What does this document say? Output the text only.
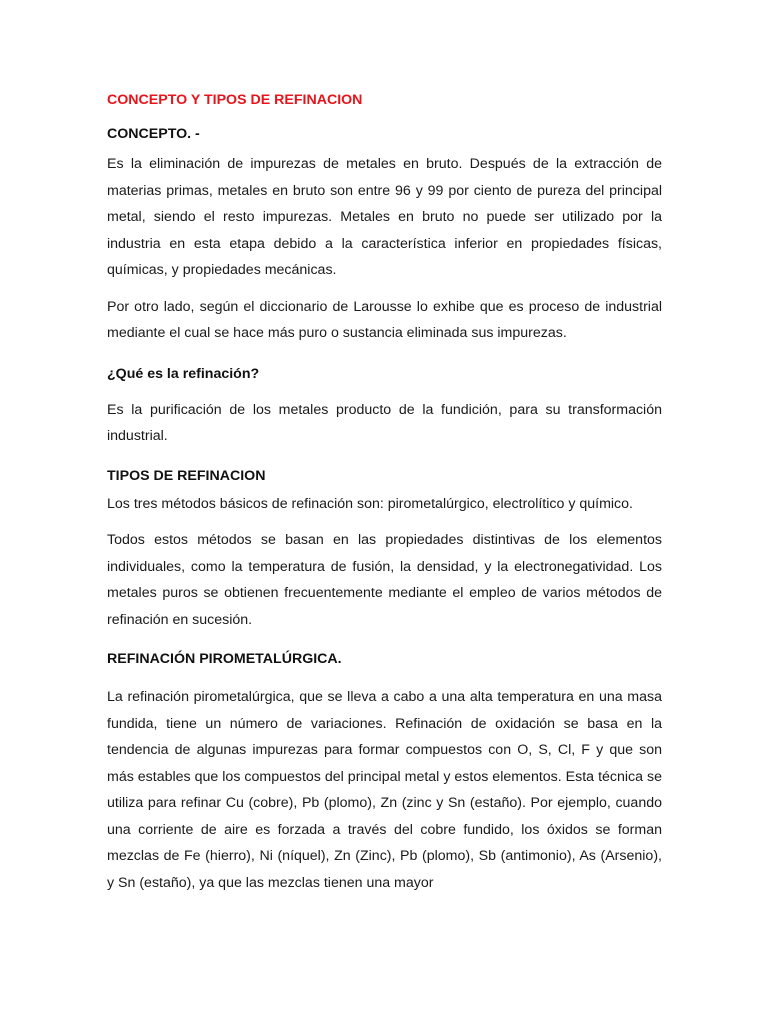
CONCEPTO Y TIPOS DE REFINACION

CONCEPTO. -

Es la eliminación de impurezas de metales en bruto. Después de la extracción de materias primas, metales en bruto son entre 96 y 99 por ciento de pureza del principal metal, siendo el resto impurezas. Metales en bruto no puede ser utilizado por la industria en esta etapa debido a la característica inferior en propiedades físicas, químicas, y propiedades mecánicas.

Por otro lado, según el diccionario de Larousse lo exhibe que es proceso de industrial mediante el cual se hace más puro o sustancia eliminada sus impurezas.

¿Qué es la refinación?

Es la purificación de los metales producto de la fundición, para su transformación industrial.

TIPOS DE REFINACION

Los tres métodos básicos de refinación son: pirometalúrgico, electrolítico y químico.

Todos estos métodos se basan en las propiedades distintivas de los elementos individuales, como la temperatura de fusión, la densidad, y la electronegatividad. Los metales puros se obtienen frecuentemente mediante el empleo de varios métodos de refinación en sucesión.

REFINACIÓN PIROMETALÚRGICA.

La refinación pirometalúrgica, que se lleva a cabo a una alta temperatura en una masa fundida, tiene un número de variaciones. Refinación de oxidación se basa en la tendencia de algunas impurezas para formar compuestos con O, S, Cl, F y que son más estables que los compuestos del principal metal y estos elementos. Esta técnica se utiliza para refinar Cu (cobre), Pb (plomo), Zn (zinc y Sn (estaño). Por ejemplo, cuando una corriente de aire es forzada a través del cobre fundido, los óxidos se forman mezclas de Fe (hierro), Ni (níquel), Zn (Zinc), Pb (plomo), Sb (antimonio), As (Arsenio), y Sn (estaño), ya que las mezclas tienen una mayor
